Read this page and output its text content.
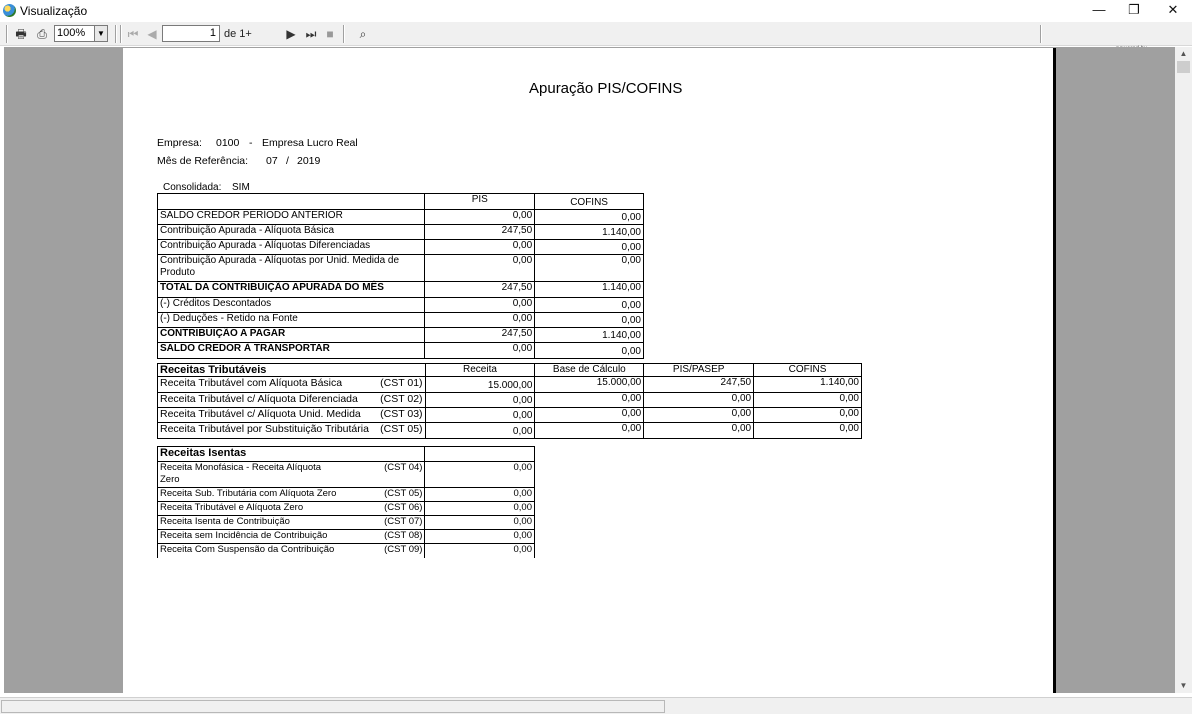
Visualização	—	❐	✕
🖶 ⎙ 100%	▼ ⏮ ◀	1 de 1+	▶ ⏭ ■	⌕
▲
▼
Apuração PIS/COFINS
Empresa: 0100 - Empresa Lucro Real
Mês de Referência: 07 / 2019
Consolidada: SIM
	PIS	COFINS
SALDO CREDOR PERÍODO ANTERIOR	0,00	0,00
Contribuição Apurada - Alíquota Básica	247,50	1.140,00
Contribuição Apurada - Alíquotas Diferenciadas	0,00	0,00
Contribuição Apurada - Alíquotas por Unid. Medida de Produto	0,00	0,00
TOTAL DA CONTRIBUIÇÃO APURADA DO MÊS	247,50	1.140,00
(-) Créditos Descontados	0,00	0,00
(-) Deduções - Retido na Fonte	0,00	0,00
CONTRIBUIÇÃO A PAGAR	247,50	1.140,00
SALDO CREDOR À TRANSPORTAR	0,00	0,00
Receitas Tributáveis	Receita	Base de Cálculo	PIS/PASEP	COFINS
Receita Tributável com Alíquota Básica (CST 01)	15.000,00	15.000,00	247,50	1.140,00
Receita Tributável c/ Alíquota Diferenciada (CST 02)	0,00	0,00	0,00	0,00
Receita Tributável c/ Alíquota Unid. Medida (CST 03)	0,00	0,00	0,00	0,00
Receita Tributável por Substituição Tributária (CST 05)	0,00	0,00	0,00	0,00
Receitas Isentas	
Receita Monofásica - Receita Alíquota Zero
(CST 04)	0,00
Receita Sub. Tributária com Alíquota Zero (CST 05)	0,00
Receita Tributável e Alíquota Zero (CST 06)	0,00
Receita Isenta de Contribuição (CST 07)	0,00
Receita sem Incidência de Contribuição (CST 08)	0,00
Receita Com Suspensão da Contribuição (CST 09)	0,00
